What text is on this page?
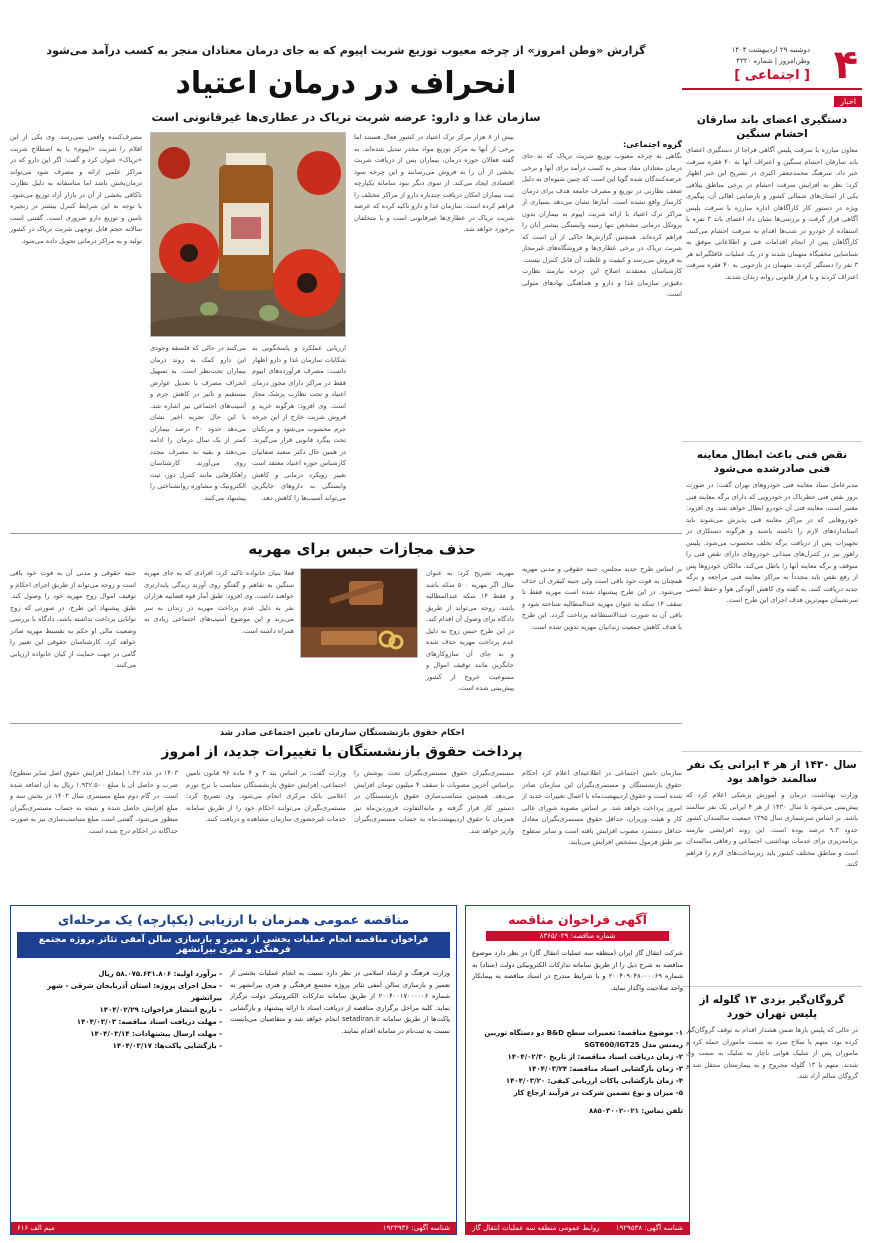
۴
دوشنبه ۲۹ اردیبهشت ۱۴۰۴
وطن‌امروز | شماره ۴۳۲۰
[ اجتماعی ]
اخبار
دستگیری اعضای باند سارقان احشام سنگین
معاون مبارزه با سرقت پلیس آگاهی فراجا از دستگیری اعضای باند سارقان احشام سنگین و اعتراف آنها به ۴۰ فقره سرقت خبر داد. سرهنگ محمدجعفر اکبری در تشریح این خبر اظهار کرد: نظر به افزایش سرقت احشام در برخی مناطق ییلاقی یکی از استان‌های شمالی کشور و نارضایتی اهالی آن، پیگیری ویژه در دستور کار کارآگاهان اداره مبارزه با سرقت پلیس آگاهی قرار گرفت و بررسی‌ها نشان داد اعضای باند ۳ نفره با استفاده از خودرو در شب‌ها اقدام به سرقت احشام می‌کنند. کارآگاهان پس از انجام اقدامات فنی و اطلاعاتی موفق به شناسایی مخفیگاه متهمان شدند و در یک عملیات غافلگیرانه هر ۳ نفر را دستگیر کردند. متهمان در بازجویی به ۴۰ فقره سرقت اعتراف کردند و با قرار قانونی روانه زندان شدند.
نقص فنی باعث ابطال معاینه فنی صادرشده می‌شود
مدیرعامل ستاد معاینه فنی خودروهای تهران گفت: در صورت بروز نقص فنی خطرناک در خودرویی که دارای برگه معاینه فنی معتبر است، معاینه فنی آن خودرو ابطال خواهد شد. وی افزود: خودروهایی که در مراکز معاینه فنی پذیرش می‌شوند باید استانداردهای لازم را داشته باشند و هرگونه دستکاری در تجهیزات پس از دریافت برگه تخلف محسوب می‌شود. پلیس راهور نیز در کنترل‌های میدانی خودروهای دارای نقص فنی را متوقف و برگه معاینه آنها را باطل می‌کند. مالکان خودروها پس از رفع نقص باید مجدداً به مراکز معاینه فنی مراجعه و برگه جدید دریافت کنند. به گفته وی کاهش آلودگی هوا و حفظ ایمنی سرنشینان مهم‌ترین هدف اجرای این طرح است.
سال ۱۴۳۰ از هر ۴ ایرانی یک نفر سالمند خواهد بود
وزارت بهداشت، درمان و آموزش پزشکی اعلام کرد که پیش‌بینی می‌شود تا سال ۱۴۳۰ از هر ۴ ایرانی یک نفر سالمند باشد. بر اساس سرشماری سال ۱۳۹۵ جمعیت سالمندان کشور حدود ۹.۳ درصد بوده است. این روند افزایشی نیازمند برنامه‌ریزی برای خدمات بهداشتی، اجتماعی و رفاهی سالمندان است و مناطق مختلف کشور باید زیرساخت‌های لازم را فراهم کنند.
گروگان‌گیر بزدی ۱۳ گلوله از پلیس تهران خورد
در حالی که پلیس بارها ضمن هشدار اقدام به توقف گروگان‌گیر کرده بود، متهم با سلاح سرد به سمت ماموران حمله کرد و ماموران پس از شلیک هوایی ناچار به شلیک به سمت وی شدند. متهم با ۱۳ گلوله مجروح و به بیمارستان منتقل شد و گروگان سالم آزاد شد.
گزارش «وطن امروز» از چرخه معیوب توزیع شربت اپیوم که به جای درمان معتادان منجر به کسب درآمد می‌شود
انحراف در درمان اعتیاد
سازمان غذا و دارو: عرضه شربت تریاک در عطاری‌ها غیرقانونی است
گروه اجتماعی:
نگاهی به چرخه معیوب توزیع شربت تریاک که به جای درمان معتادان مفاد منجر به کسب درآمد برای آنها و برخی عرضه‌کنندگان شده گویا این است که چنین شیوه‌ای به دلیل ضعف نظارتی در توزیع و مصرف جامعه هدف برای درمان کارساز واقع نشده است. آمارها نشان می‌دهد بسیاری از مراکز ترک اعتیاد با ارائه شربت اپیوم به بیماران بدون پروتکل درمانی مشخص تنها زمینه وابستگی بیشتر آنان را فراهم کرده‌اند. همچنین گزارش‌ها حاکی از آن است که شربت تریاک در برخی عطاری‌ها و فروشگاه‌های غیرمجاز به فروش می‌رسد و کیفیت و غلظت آن قابل کنترل نیست. کارشناسان معتقدند اصلاح این چرخه نیازمند نظارت دقیق‌تر سازمان غذا و دارو و هماهنگی نهادهای متولی است.
بیش از ۸ هزار مرکز ترک اعتیاد در کشور فعال هستند اما برخی از آنها به مرکز توزیع مواد مخدر تبدیل شده‌اند. به گفته فعالان حوزه درمان، بیماران پس از دریافت شربت بخشی از آن را به فروش می‌رسانند و این چرخه سود اقتصادی ایجاد می‌کند. از سوی دیگر نبود سامانه یکپارچه ثبت بیماران امکان دریافت چندباره دارو از مراکز مختلف را فراهم کرده است. سازمان غذا و دارو تاکید کرده که عرضه شربت تریاک در عطاری‌ها غیرقانونی است و با متخلفان برخورد خواهد شد.
ارزیابی عملکرد و پاسخگویی به شکایات سازمان غذا و دارو اظهار داشت: مصرف فرآورده‌های اپیوم فقط در مراکز دارای مجوز درمان اعتیاد و تحت نظارت پزشک مجاز است. وی افزود: هرگونه خرید و فروش شربت خارج از این چرخه جرم محسوب می‌شود و مرتکبان تحت پیگرد قانونی قرار می‌گیرند. در همین حال دکتر سعید صفاتیان کارشناس حوزه اعتیاد معتقد است تغییر رویکرد درمانی و کاهش وابستگی به داروهای جایگزین می‌تواند آسیب‌ها را کاهش دهد.
می‌کنند در حالی که فلسفه وجودی این دارو کمک به روند درمان بیماران تحت‌نظر است. به تسهیل انحراف مصرف با تعدیل عوارض مستقیم و تاثیر در کاهش جرم و آسیب‌های اجتماعی نیز اشاره شد. با این حال تجربه اخیر نشان می‌دهد حدود ۳۰ درصد بیماران کمتر از یک سال درمان را ادامه می‌دهند و بقیه به مصرف مجدد روی می‌آورند. کارشناسان راهکارهایی مانند کنترل دوز، ثبت الکترونیک و مشاوره روانشناختی را پیشنهاد می‌کنند.
مصرف‌کننده واقعی نمی‌رسد. وی یکی از این اقلام را شربت «اپیوم» یا به اصطلاح شربت «تریاک» عنوان کرد و گفت: اگر این دارو که در مراکز علمی ارائه و مصرف شود می‌تواند درمان‌بخش باشد اما متاسفانه به دلیل نظارت ناکافی بخشی از آن در بازار آزاد توزیع می‌شود. با توجه به این شرایط کنترل بیشتر در زنجیره تامین و توزیع دارو ضروری است. گفتنی است سالانه حجم قابل توجهی شربت تریاک در کشور تولید و به مراکز درمانی تحویل داده می‌شود.
حذف مجازات حبس برای مهریه
بر اساس طرح جدید مجلس، جنبه حقوقی و مدنی مهریه همچنان به قوت خود باقی است ولی جنبه کیفری آن حذف می‌شود. در این طرح پیشنهاد شده است مهریه فقط تا سقف ۱۴ سکه به عنوان مهریه عندالمطالبه شناخته شود و باقی آن به صورت عندالاستطاعه پرداخت گردد. این طرح با هدف کاهش جمعیت زندانیان مهریه تدوین شده است.
مهریه، تصریح کرد: به عنوان مثال اگر مهریه ۵۰۰ سکه باشد و فقط ۱۴ سکه عندالمطالبه باشد، زوجه می‌تواند از طریق دادگاه برای وصول آن اقدام کند. در این طرح حبس زوج به دلیل عدم پرداخت مهریه حذف شده و به جای آن سازوکارهای جایگزین مانند توقیف اموال و ممنوعیت خروج از کشور پیش‌بینی شده است.
فعلا بنیان خانواده تاکید کرد: افرادی که به جای مهریه سنگین به تفاهم و گفتگو روی آورند زندگی پایدارتری خواهند داشت. وی افزود: طبق آمار قوه قضاییه هزاران نفر به دلیل عدم پرداخت مهریه در زندان به سر می‌برند و این موضوع آسیب‌های اجتماعی زیادی به همراه داشته است.
جنبه حقوقی و مدنی آن به قوت خود باقی است و زوجه می‌تواند از طریق اجرای احکام و توقیف اموال زوج مهریه خود را وصول کند. طبق پیشنهاد این طرح، در صورتی که زوج توانایی پرداخت نداشته باشد، دادگاه با بررسی وضعیت مالی او حکم به تقسیط مهریه صادر خواهد کرد. کارشناسان حقوقی این تغییر را گامی در جهت حمایت از کیان خانواده ارزیابی می‌کنند.
احکام حقوق بازنشستگان سازمان تامین اجتماعی صادر شد
پرداخت حقوق بازنشستگان با تغییرات جدید، از امروز
سازمان تامین اجتماعی در اطلاعیه‌ای اعلام کرد احکام حقوق بازنشستگان و مستمری‌بگیران این سازمان صادر شده است و حقوق اردیبهشت‌ماه با اعمال تغییرات جدید از امروز پرداخت خواهد شد. بر اساس مصوبه شورای عالی کار و هیئت وزیران، حداقل حقوق مستمری‌بگیران معادل حداقل دستمزد مصوب افزایش یافته است و سایر سطوح نیز طبق فرمول مشخص افزایش می‌یابند.
مستمری‌بگیران حقوق مستمری‌بگیران تحت پوشش را براساس آخرین مصوبات تا سقف ۴ میلیون تومان افزایش می‌دهد. همچنین متناسب‌سازی حقوق بازنشستگان در دستور کار قرار گرفته و مابه‌التفاوت فروردین‌ماه نیز همزمان با حقوق اردیبهشت‌ماه به حساب مستمری‌بگیران واریز خواهد شد.
وزارت گفت: بر اساس بند ۳ و ۴ ماده ۹۶ قانون تامین اجتماعی، افزایش حقوق بازنشستگان متناسب با نرخ تورم اعلامی بانک مرکزی انجام می‌شود. وی تصریح کرد: مستمری‌بگیران می‌توانند احکام خود را از طریق سامانه خدمات غیرحضوری سازمان مشاهده و دریافت کنند.
۱۴۰۳ در عدد ۱.۳۲ (معادل افزایش حقوق اصل سایر سطوح) ضرب و حاصل آن با مبلغ ۱.۹۳۲.۵۰۰ ریال به آن اضافه شده است. در گام دوم مبلغ مستمری سال ۱۴۰۳ در بخش سه و مبلغ افزایش حاصل شده و نتیجه به حساب مستمری‌بگیران منظور می‌شود. گفتنی است مبلغ متناسب‌سازی نیز به صورت جداگانه در احکام درج شده است.
آگهی فراخوان مناقصه
شماره مناقصه: ۸۳۶۵/۰۲۹
شرکت انتقال گاز ایران (منطقه سه عملیات انتقال گاز) در نظر دارد موضوع مناقصه به شرح ذیل را از طریق سامانه تدارکات الکترونیکی دولت (ستاد) به شماره ۲۰۰۴۰۹۰۴۸۰۰۰۰۶۹ و با شرایط مندرج در اسناد مناقصه به پیمانکار واجد صلاحیت واگذار نماید.
۱- موضوع مناقصه: تعمیرات سطح B&D دو دستگاه توربین زیمنس مدل SGT600/IGT25
۲- زمان دریافت اسناد مناقصه: از تاریخ ۱۴۰۴/۰۲/۳۰
۳- زمان بازگشایی اسناد مناقصه: ۱۴۰۴/۰۳/۲۴
۴- زمان بازگشایی پاکات ارزیابی کیفی: ۱۴۰۴/۰۳/۲۰
۵- میزان و نوع تضمین شرکت در فرآیند ارجاع کار
تلفن تماس: ۰۲۱-۸۸۵۰۳۰۰۲
شناسه آگهی: ۱۹۲۹۵۳۸
روابط عمومی منطقه سه عملیات انتقال گاز
مناقصه عمومی همزمان با ارزیابی (یکپارچه) یک مرحله‌ای
فراخوان مناقصه انجام عملیات بخشی از تعمیر و بازسازی سالن آمفی تئاتر پروژه مجتمع فرهنگی و هنری بیرانشهر
وزارت فرهنگ و ارشاد اسلامی در نظر دارد نسبت به انجام عملیات بخشی از تعمیر و بازسازی سالن آمفی تئاتر پروژه مجتمع فرهنگی و هنری بیرانشهر به شماره ۲۰۰۴۰۰۱۷۰۰۰۰۰۶ از طریق سامانه تدارکات الکترونیکی دولت برگزار نماید. کلیه مراحل برگزاری مناقصه از دریافت اسناد تا ارائه پیشنهاد و بازگشایی پاکت‌ها از طریق سامانه setadiran.ir انجام خواهد شد و متقاضیان می‌بایست نسبت به ثبت‌نام در سامانه اقدام نمایند.
- برآورد اولیه: ۵۸.۰۷۵.۶۳۱.۸۰۶ ریال
- محل اجرای پروژه: استان آذربایجان شرقی - شهر بیرانشهر
- تاریخ انتشار فراخوان: ۱۴۰۴/۰۲/۲۹
- مهلت دریافت اسناد مناقصه: ۱۴۰۴/۰۳/۰۳
- مهلت ارسال پیشنهادات: ۱۴۰۴/۰۳/۱۴
- بازگشایی پاکت‌ها: ۱۴۰۴/۰۳/۱۷
شناسه آگهی: ۱۹۲۳۹۳۶
میم الف ۶۱۶
